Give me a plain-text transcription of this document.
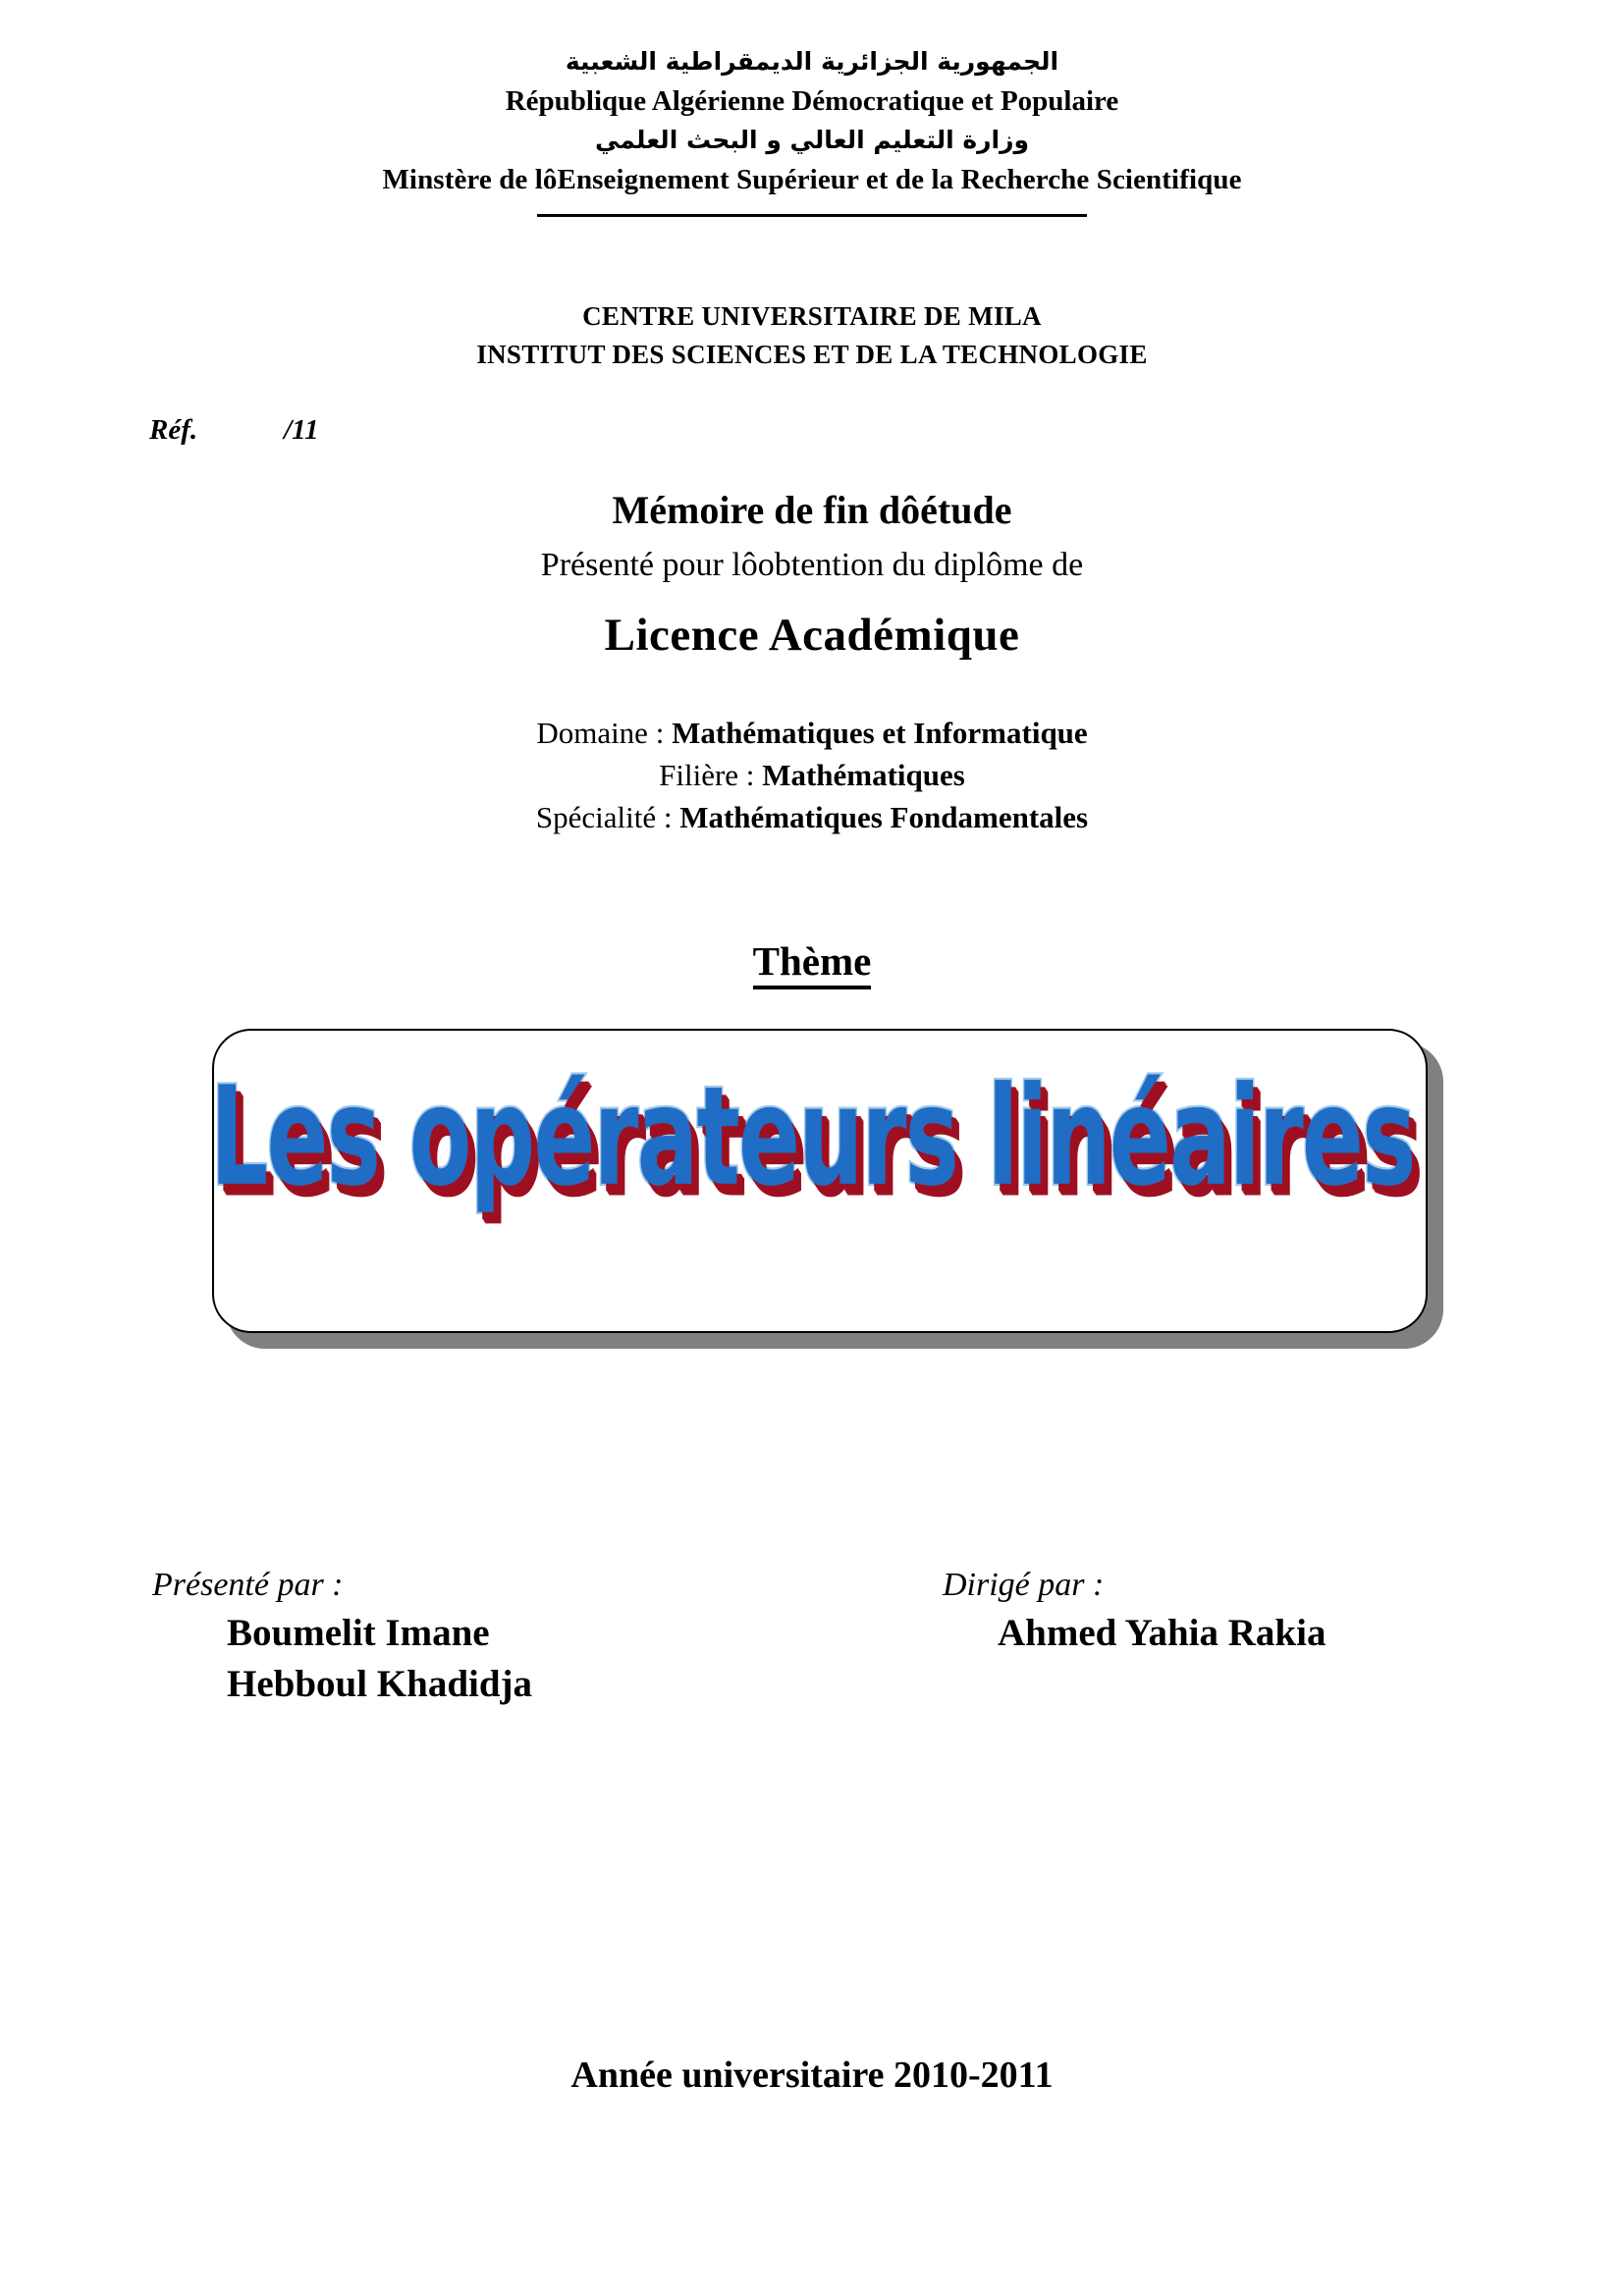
الجمهورية الجزائرية الديمقراطية الشعبية
République Algérienne Démocratique et Populaire
وزارة التعليم العالي و البحث العلمي
Minstère de lôEnseignement Supérieur et de la Recherche Scientifique
CENTRE UNIVERSITAIRE DE MILA
INSTITUT DES SCIENCES ET DE LA TECHNOLOGIE
Réf.	/11
Mémoire de fin dôétude
Présenté pour lôobtention du diplôme de
Licence Académique
Domaine : Mathématiques et Informatique
Filière : Mathématiques
Spécialité : Mathématiques Fondamentales
Thème
Les opérateurs linéaires
Présenté par :
Boumelit Imane
Hebboul Khadidja
Dirigé par :
Ahmed Yahia Rakia
Année universitaire 2010-2011
